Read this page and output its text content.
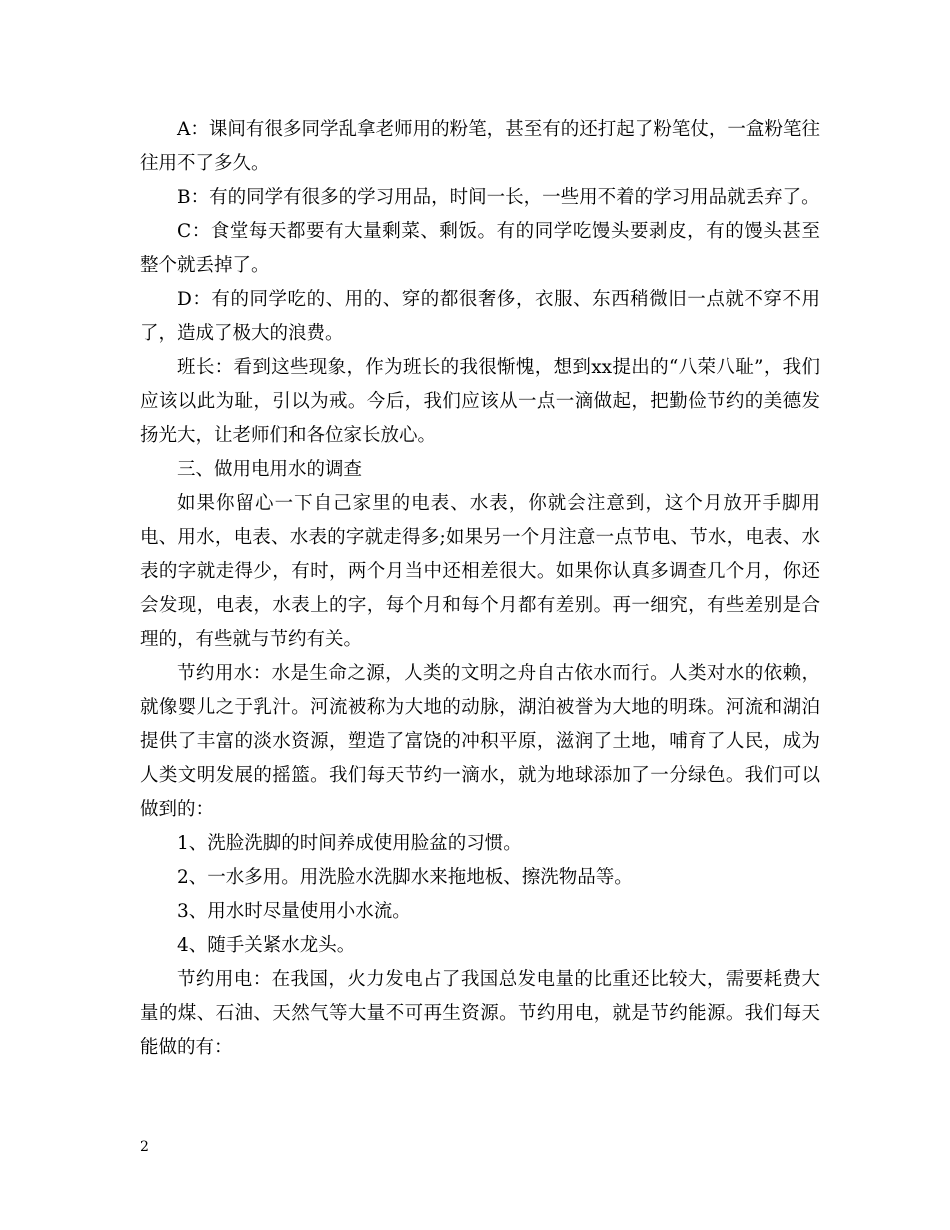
A：课间有很多同学乱拿老师用的粉笔，甚至有的还打起了粉笔仗，一盒粉笔往往用不了多久。

B：有的同学有很多的学习用品，时间一长，一些用不着的学习用品就丢弃了。

C：食堂每天都要有大量剩菜、剩饭。有的同学吃馒头要剥皮，有的馒头甚至整个就丢掉了。

D：有的同学吃的、用的、穿的都很奢侈，衣服、东西稍微旧一点就不穿不用了，造成了极大的浪费。

班长：看到这些现象，作为班长的我很惭愧，想到xx提出的“八荣八耻”，我们应该以此为耻，引以为戒。今后，我们应该从一点一滴做起，把勤俭节约的美德发扬光大，让老师们和各位家长放心。

三、做用电用水的调查

如果你留心一下自己家里的电表、水表，你就会注意到，这个月放开手脚用电、用水，电表、水表的字就走得多;如果另一个月注意一点节电、节水，电表、水表的字就走得少，有时，两个月当中还相差很大。如果你认真多调查几个月，你还会发现，电表，水表上的字，每个月和每个月都有差别。再一细究，有些差别是合理的，有些就与节约有关。

节约用水：水是生命之源，人类的文明之舟自古依水而行。人类对水的依赖，就像婴儿之于乳汁。河流被称为大地的动脉，湖泊被誉为大地的明珠。河流和湖泊提供了丰富的淡水资源，塑造了富饶的冲积平原，滋润了土地，哺育了人民，成为人类文明发展的摇篮。我们每天节约一滴水，就为地球添加了一分绿色。我们可以做到的：

1、洗脸洗脚的时间养成使用脸盆的习惯。

2、一水多用。用洗脸水洗脚水来拖地板、擦洗物品等。

3、用水时尽量使用小水流。

4、随手关紧水龙头。

节约用电：在我国，火力发电占了我国总发电量的比重还比较大，需要耗费大量的煤、石油、天然气等大量不可再生资源。节约用电，就是节约能源。我们每天能做的有：

2
